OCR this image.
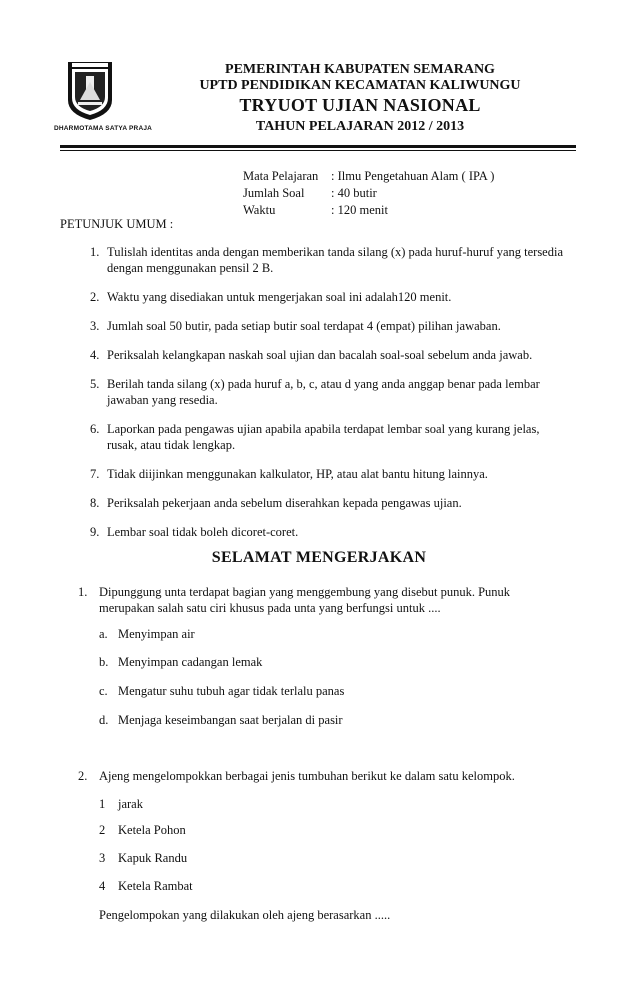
DHARMOTAMA SATYA PRAJA
PEMERINTAH KABUPATEN SEMARANG
UPTD PENDIDIKAN KECAMATAN KALIWUNGU
TRYUOT UJIAN NASIONAL
TAHUN PELAJARAN 2012 / 2013
Mata Pelajaran : Ilmu Pengetahuan Alam ( IPA )
Jumlah Soal : 40 butir
Waktu	: 120 menit
PETUNJUK UMUM :
1. Tulislah identitas anda dengan memberikan tanda silang (x) pada huruf-huruf yang tersedia dengan menggunakan pensil 2 B.
2. Waktu yang disediakan untuk mengerjakan soal ini adalah120 menit.
3. Jumlah soal 50 butir, pada setiap butir soal terdapat 4 (empat) pilihan jawaban.
4. Periksalah kelangkapan naskah soal ujian dan bacalah soal-soal sebelum anda jawab.
5. Berilah tanda silang (x) pada huruf a, b, c, atau d yang anda anggap benar pada lembar jawaban yang resedia.
6. Laporkan pada pengawas ujian apabila apabila terdapat lembar soal yang kurang jelas, rusak, atau tidak lengkap.
7. Tidak diijinkan menggunakan kalkulator, HP, atau alat bantu hitung lainnya.
8. Periksalah pekerjaan anda sebelum diserahkan kepada pengawas ujian.
9. Lembar soal tidak boleh dicoret-coret.
SELAMAT MENGERJAKAN
1. Dipunggung unta terdapat bagian yang menggembung yang disebut punuk. Punuk merupakan salah satu ciri khusus pada unta yang berfungsi untuk ....
a. Menyimpan air
b. Menyimpan cadangan lemak
c. Mengatur suhu tubuh agar tidak terlalu panas
d. Menjaga keseimbangan saat berjalan di pasir
2. Ajeng mengelompokkan berbagai jenis tumbuhan berikut ke dalam satu kelompok.
1 jarak
2 Ketela Pohon
3 Kapuk Randu
4 Ketela Rambat
Pengelompokan yang dilakukan oleh ajeng berasarkan .....
